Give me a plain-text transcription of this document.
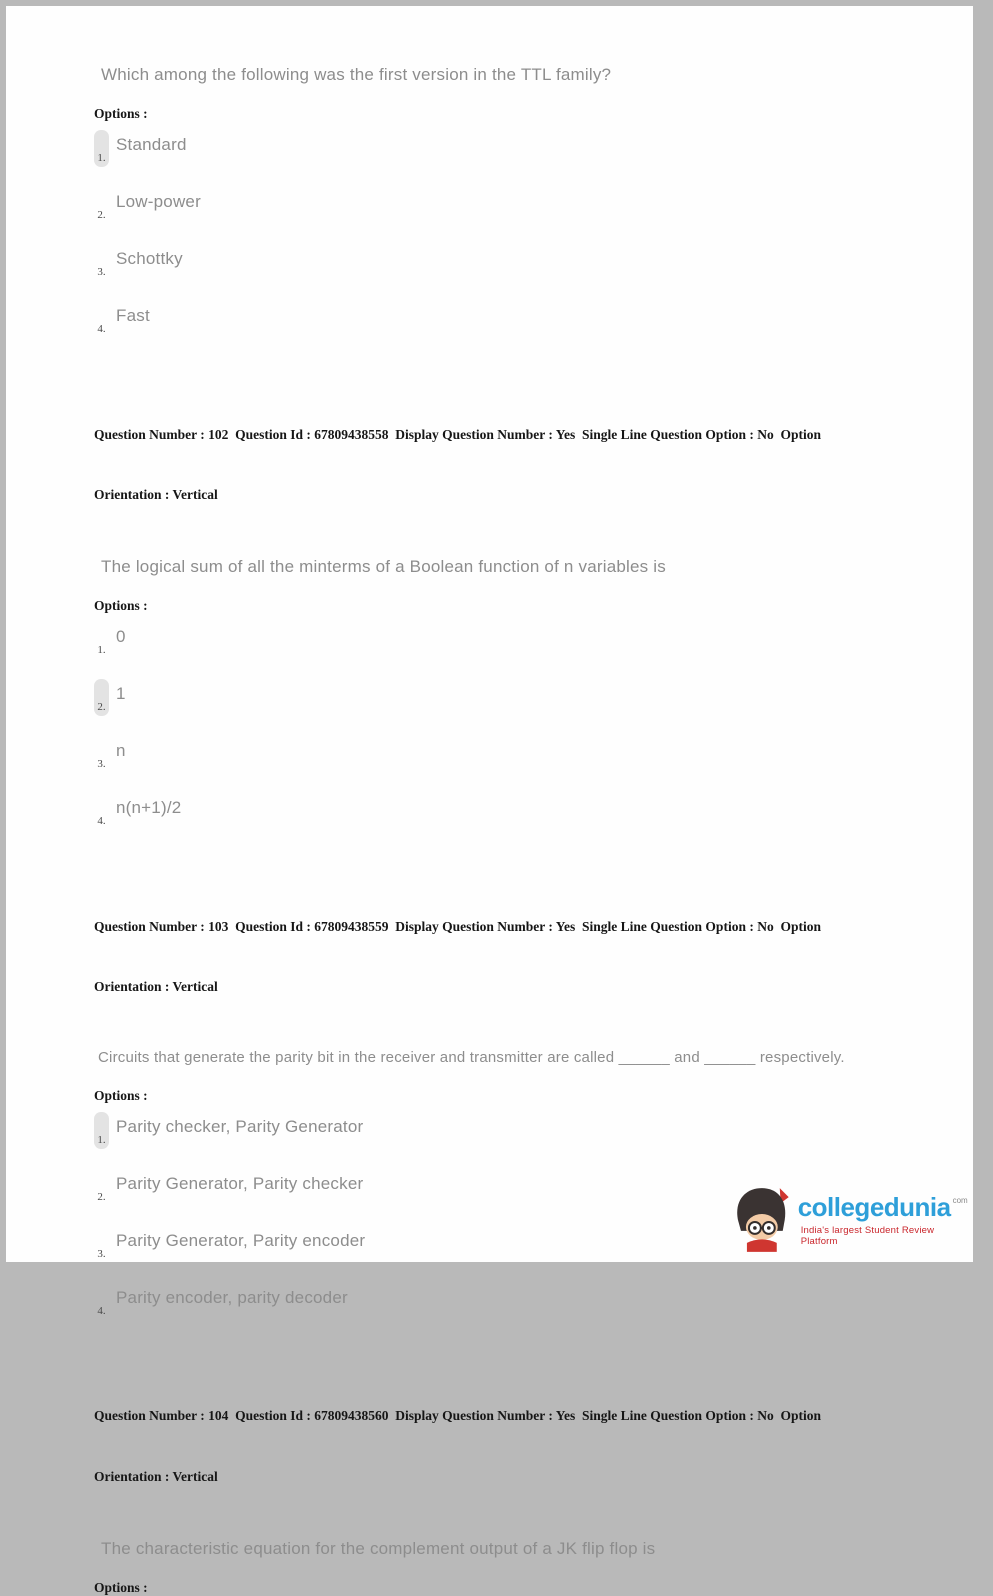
Which among the following was the first version in the TTL family?
Options :
1.
Standard
2.
Low-power
3.
Schottky
4.
Fast

Question Number : 102  Question Id : 67809438558  Display Question Number : Yes  Single Line Question Option : No  Option

Orientation : Vertical

The logical sum of all the minterms of a Boolean function of n variables is
Options :
1.
0
2.
1
3.
n
4.
n(n+1)/2

Question Number : 103  Question Id : 67809438559  Display Question Number : Yes  Single Line Question Option : No  Option

Orientation : Vertical

Circuits that generate the parity bit in the receiver and transmitter are called ______ and ______ respectively.
Options :
1.
Parity checker, Parity Generator
2.
Parity Generator, Parity checker
3.
Parity Generator, Parity encoder
4.
Parity encoder, parity decoder

Question Number : 104  Question Id : 67809438560  Display Question Number : Yes  Single Line Question Option : No  Option

Orientation : Vertical

The characteristic equation for the complement output of a JK flip flop is
Options :
collegedunia com
India's largest Student Review Platform
